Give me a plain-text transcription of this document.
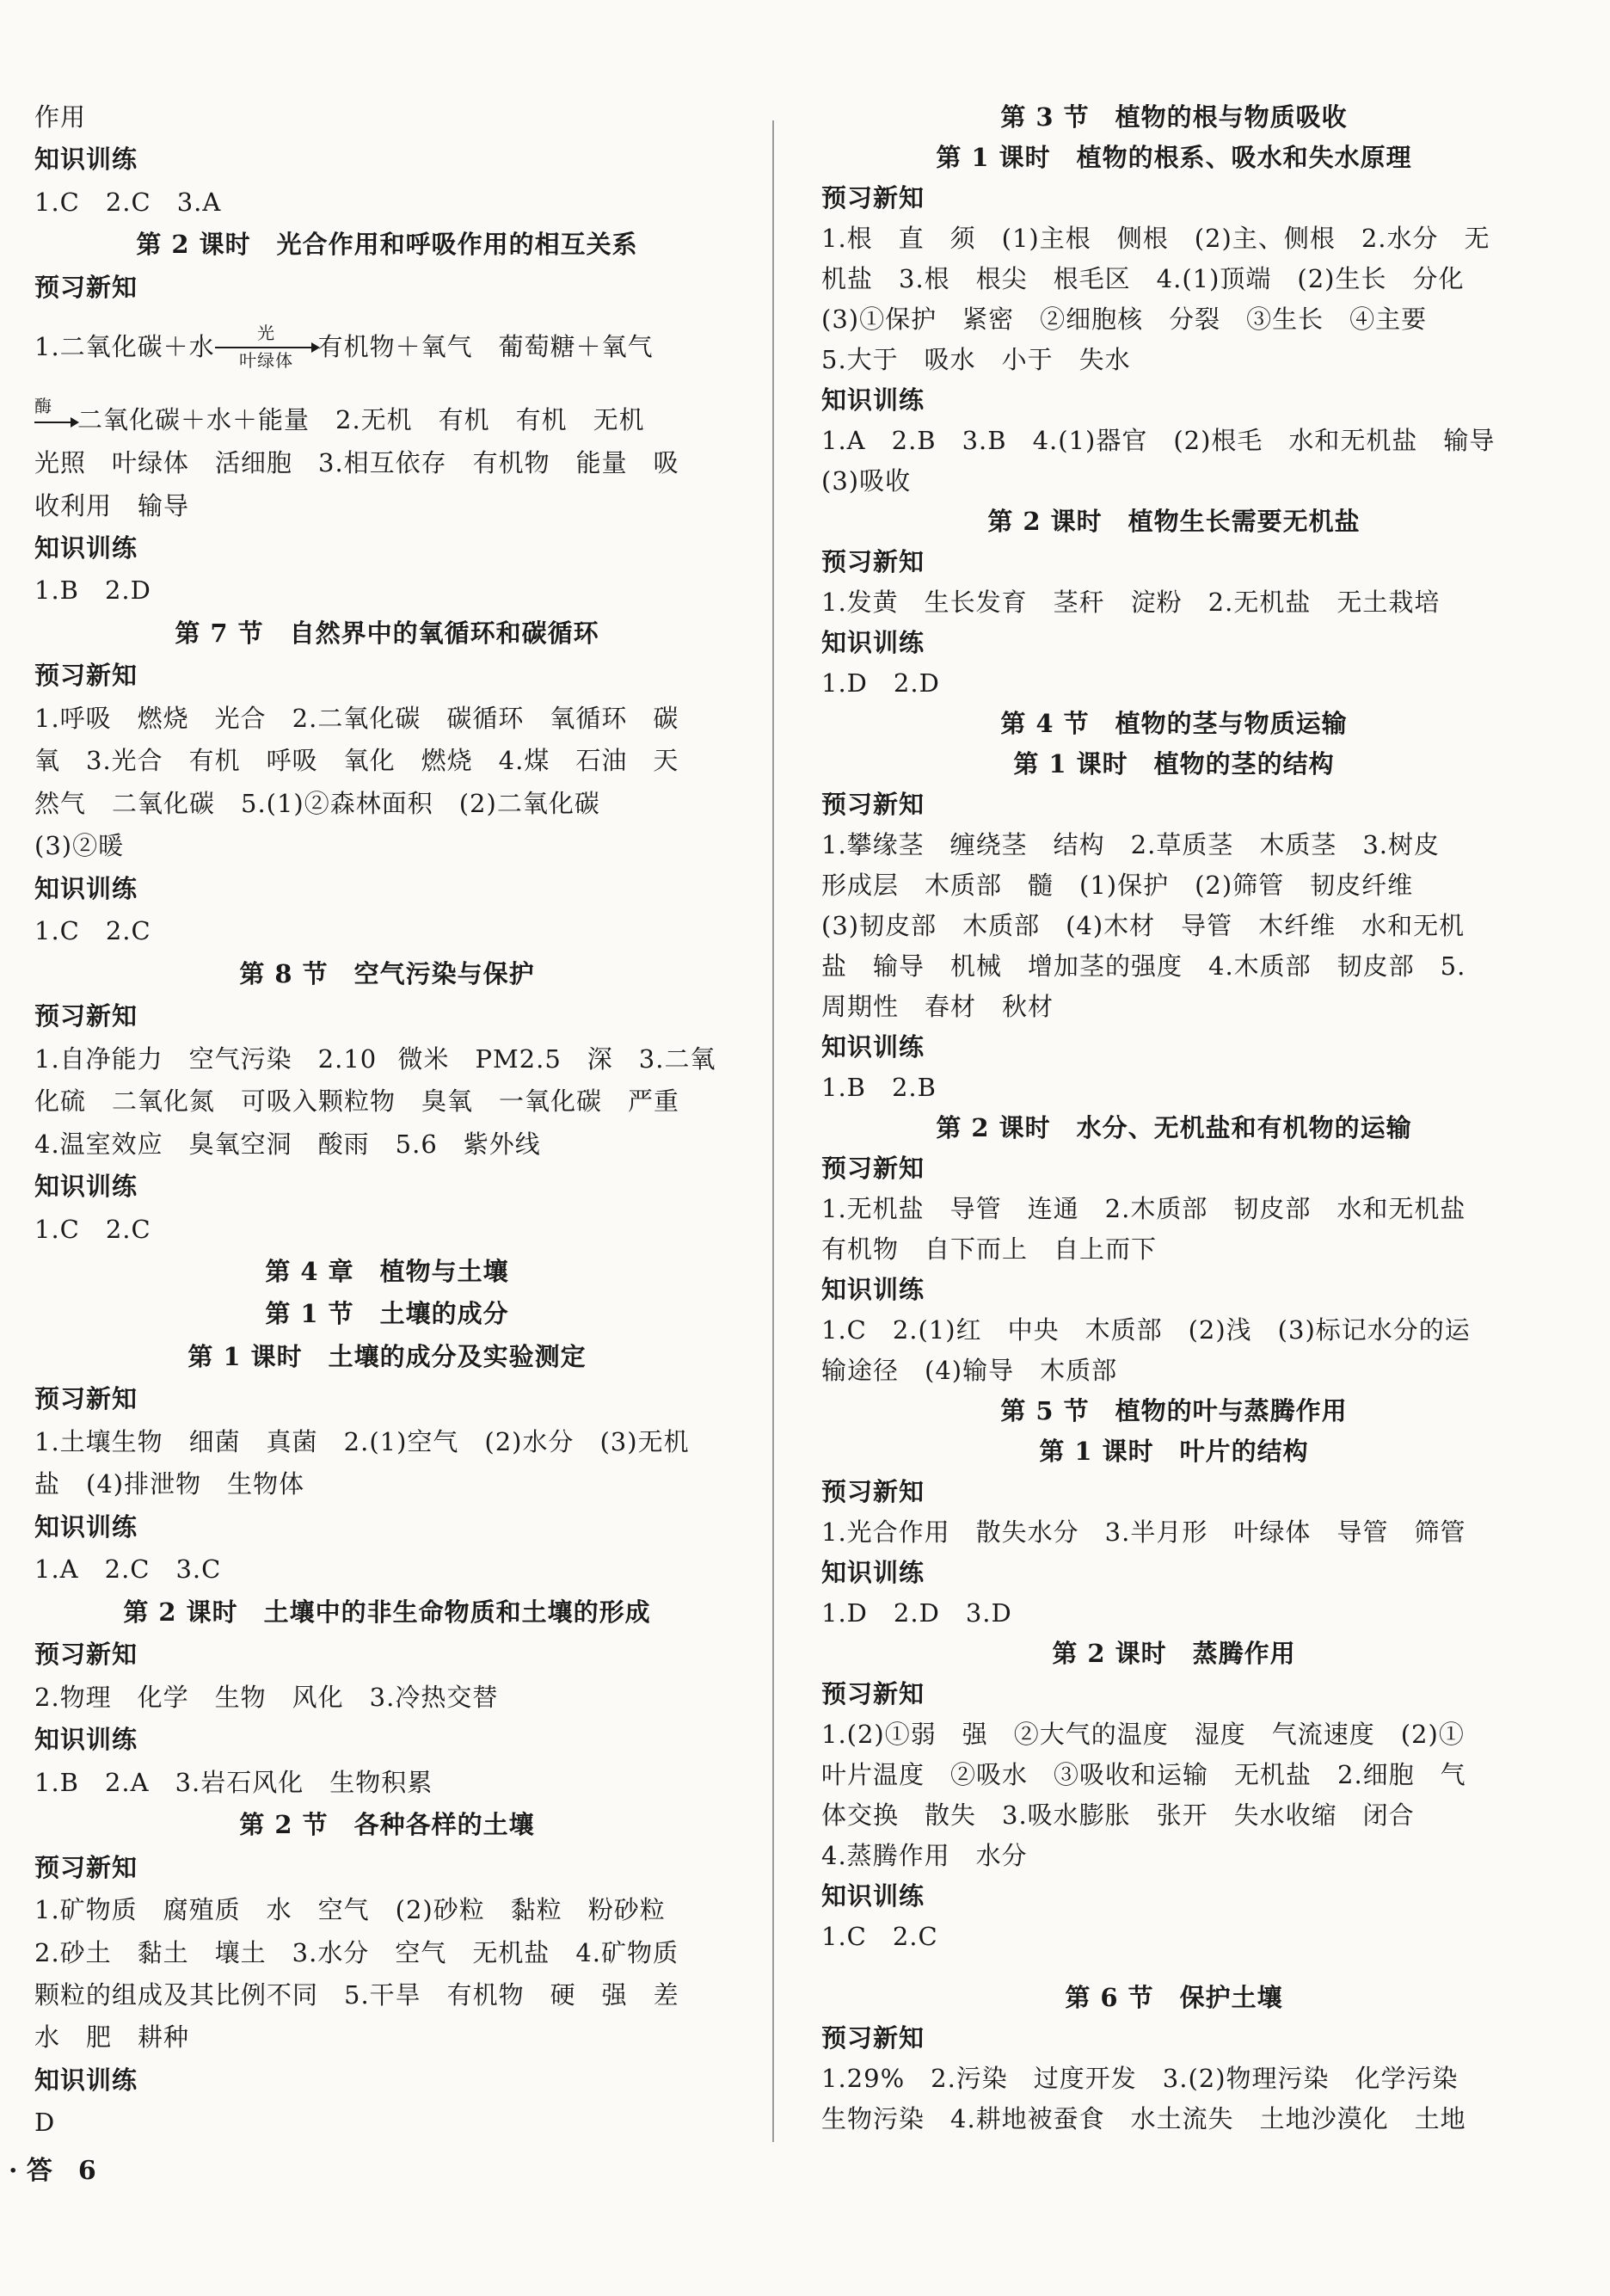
作用
知识训练
1.C　2.C　3.A
第 2 课时　光合作用和呼吸作用的相互关系
预习新知
1.二氧化碳＋水	光
叶绿体 有机物＋氧气　葡萄糖＋氧气
酶	二氧化碳＋水＋能量　2.无机　有机　有机　无机
光照　叶绿体　活细胞　3.相互依存　有机物　能量　吸
收利用　输导
知识训练
1.B　2.D
第 7 节　自然界中的氧循环和碳循环
预习新知
1.呼吸　燃烧　光合　2.二氧化碳　碳循环　氧循环　碳
氧　3.光合　有机　呼吸　氧化　燃烧　4.煤　石油　天
然气　二氧化碳　5.(1)②森林面积　(2)二氧化碳
(3)②暖
知识训练
1.C　2.C
第 8 节　空气污染与保护
预习新知
1.自净能力　空气污染　2.10 微米　PM2.5　深　3.二氧
化硫　二氧化氮　可吸入颗粒物　臭氧　一氧化碳　严重
4.温室效应　臭氧空洞　酸雨　5.6　紫外线
知识训练
1.C　2.C
第 4 章　植物与土壤
第 1 节　土壤的成分
第 1 课时　土壤的成分及实验测定
预习新知
1.土壤生物　细菌　真菌　2.(1)空气　(2)水分　(3)无机
盐　(4)排泄物　生物体
知识训练
1.A　2.C　3.C
第 2 课时　土壤中的非生命物质和土壤的形成
预习新知
2.物理　化学　生物　风化　3.冷热交替
知识训练
1.B　2.A　3.岩石风化　生物积累
第 2 节　各种各样的土壤
预习新知
1.矿物质　腐殖质　水　空气　(2)砂粒　黏粒　粉砂粒
2.砂土　黏土　壤土　3.水分　空气　无机盐　4.矿物质
颗粒的组成及其比例不同　5.干旱　有机物　硬　强　差
水　肥　耕种
知识训练
D
第 3 节　植物的根与物质吸收
第 1 课时　植物的根系、吸水和失水原理
预习新知
1.根　直　须　(1)主根　侧根　(2)主、侧根　2.水分　无
机盐　3.根　根尖　根毛区　4.(1)顶端　(2)生长　分化
(3)①保护　紧密　②细胞核　分裂　③生长　④主要
5.大于　吸水　小于　失水
知识训练
1.A　2.B　3.B　4.(1)器官　(2)根毛　水和无机盐　输导
(3)吸收
第 2 课时　植物生长需要无机盐
预习新知
1.发黄　生长发育　茎秆　淀粉　2.无机盐　无土栽培
知识训练
1.D　2.D
第 4 节　植物的茎与物质运输
第 1 课时　植物的茎的结构
预习新知
1.攀缘茎　缠绕茎　结构　2.草质茎　木质茎　3.树皮
形成层　木质部　髓　(1)保护　(2)筛管　韧皮纤维
(3)韧皮部　木质部　(4)木材　导管　木纤维　水和无机
盐　输导　机械　增加茎的强度　4.木质部　韧皮部　5.
周期性　春材　秋材
知识训练
1.B　2.B
第 2 课时　水分、无机盐和有机物的运输
预习新知
1.无机盐　导管　连通　2.木质部　韧皮部　水和无机盐
有机物　自下而上　自上而下
知识训练
1.C　2.(1)红　中央　木质部　(2)浅　(3)标记水分的运
输途径　(4)输导　木质部
第 5 节　植物的叶与蒸腾作用
第 1 课时　叶片的结构
预习新知
1.光合作用　散失水分　3.半月形　叶绿体　导管　筛管
知识训练
1.D　2.D　3.D
第 2 课时　蒸腾作用
预习新知
1.(2)①弱　强　②大气的温度　湿度　气流速度　(2)①
叶片温度　②吸水　③吸收和运输　无机盐　2.细胞　气
体交换　散失　3.吸水膨胀　张开　失水收缩　闭合
4.蒸腾作用　水分
知识训练
1.C　2.C
第 6 节　保护土壤
预习新知
1.29%　2.污染　过度开发　3.(2)物理污染　化学污染
生物污染　4.耕地被蚕食　水土流失　土地沙漠化　土地
· 答　6
